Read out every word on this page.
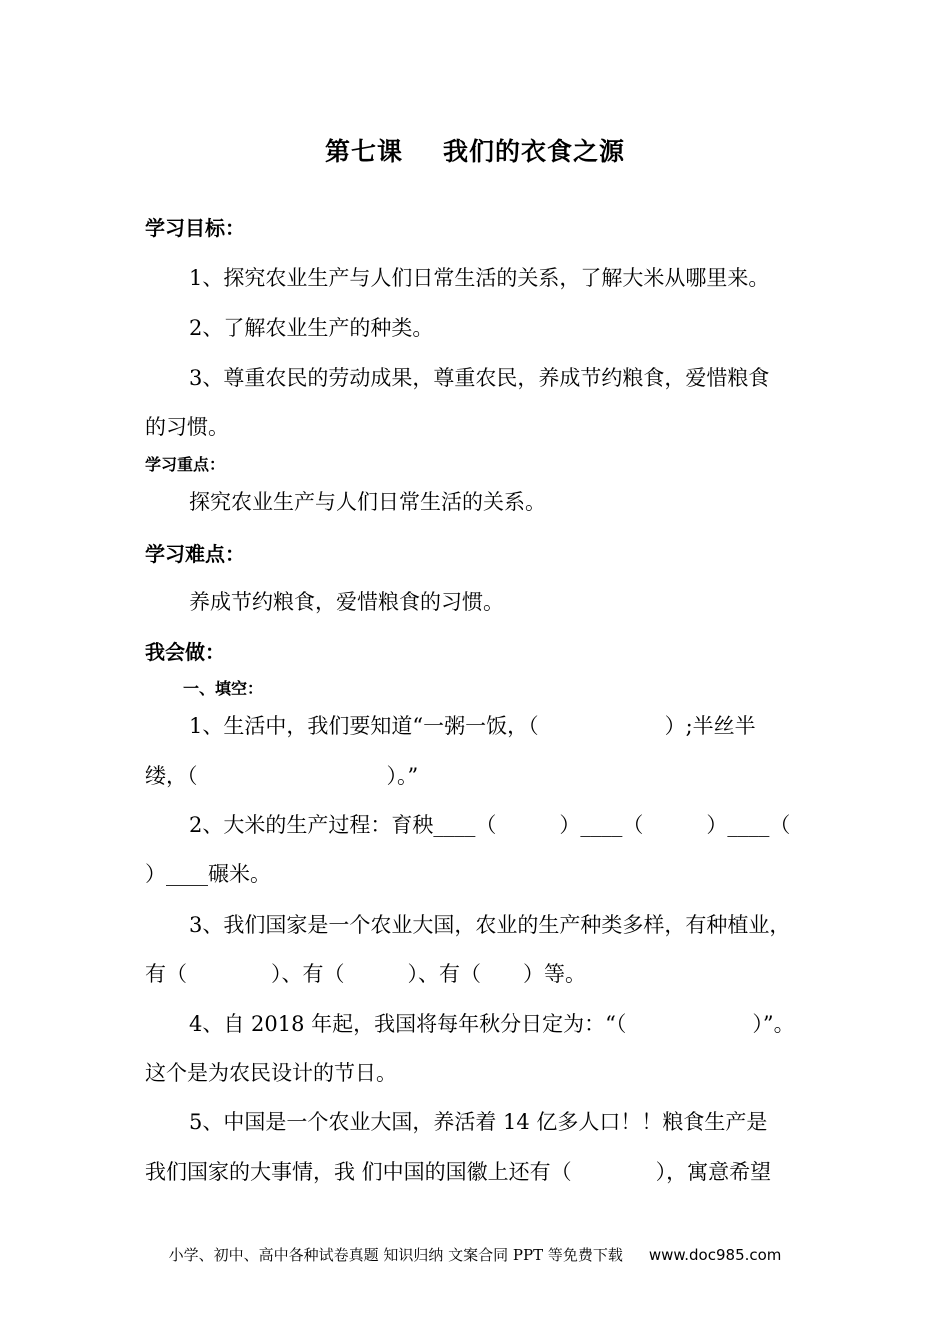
第七课 我们的衣食之源
学习目标：
1、探究农业生产与人们日常生活的关系，了解大米从哪里来。
2、了解农业生产的种类。
3、尊重农民的劳动成果，尊重农民，养成节约粮食，爱惜粮食
的习惯。
学习重点：
探究农业生产与人们日常生活的关系。
学习难点：
养成节约粮食，爱惜粮食的习惯。
我会做：
一、填空：
1、生活中，我们要知道“一粥一饭，（　　　　　　）;半丝半
缕，（　　　　　　　　　）。”
2、大米的生产过程：育秧____（　　　）____（　　　）____（
）____碾米。
3、我们国家是一个农业大国，农业的生产种类多样，有种植业，
有（　　　　）、有（　　　）、有（　　）等。
4、自 2018 年起，我国将每年秋分日定为：“（　　　　　　）”。
这个是为农民设计的节日。
5、中国是一个农业大国，养活着 14 亿多人口！！粮食生产是
我们国家的大事情，我 们中国的国徽上还有（　　　　），寓意希望
小学、初中、高中各种试卷真题 知识归纳 文案合同 PPT 等免费下载 www.doc985.com
